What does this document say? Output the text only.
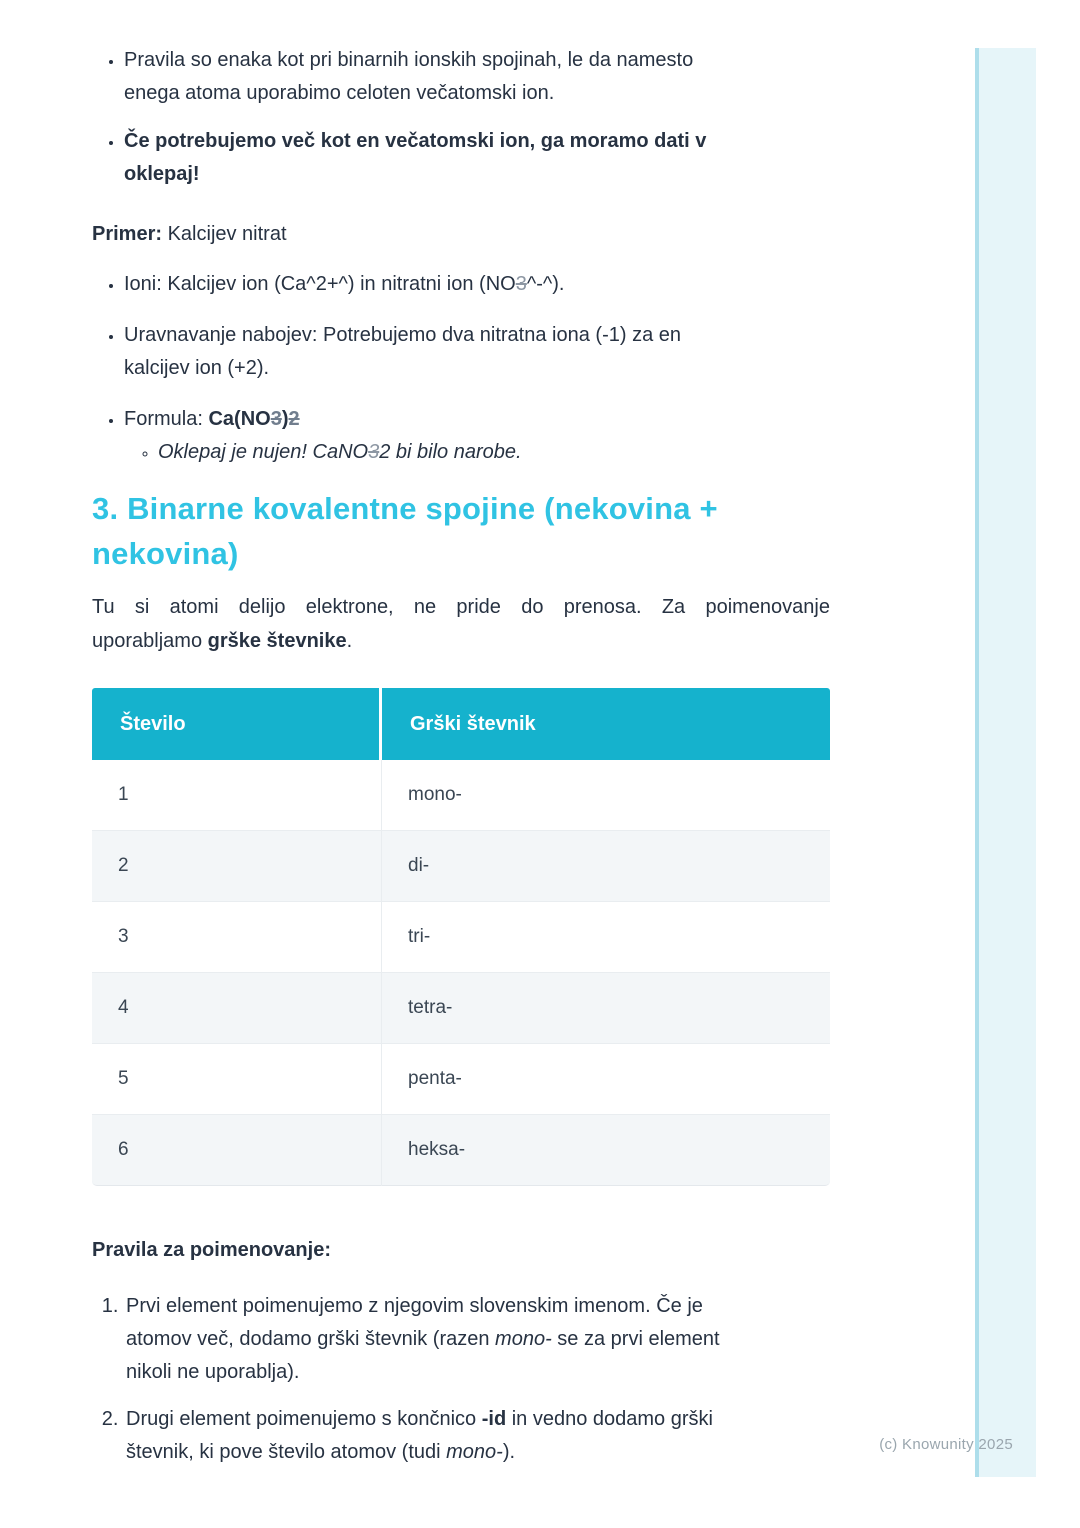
• Pravila so enaka kot pri binarnih ionskih spojinah, le da namesto
enega atoma uporabimo celoten večatomski ion.
• Če potrebujemo več kot en večatomski ion, ga moramo dati v
oklepaj!

Primer: Kalcijev nitrat

• Ioni: Kalcijev ion (Ca^2+^) in nitratni ion (NO3^-^).
• Uravnavanje nabojev: Potrebujemo dva nitratna iona (-1) za en
kalcijev ion (+2).
• Formula: Ca(NO3)2
◦ Oklepaj je nujen! CaNO32 bi bilo narobe.
3. Binarne kovalentne spojine (nekovina +
nekovina)

Tu si atomi delijo elektrone, ne pride do prenosa. Za poimenovanje
uporabljamo grške števnike.

Število	Grški števnik
1	mono-
2	di-
3	tri-
4	tetra-
5	penta-
6	heksa-

Pravila za poimenovanje:

1. Prvi element poimenujemo z njegovim slovenskim imenom. Če je
atomov več, dodamo grški števnik (razen mono- se za prvi element
nikoli ne uporablja).
2. Drugi element poimenujemo s končnico -id in vedno dodamo grški
števnik, ki pove število atomov (tudi mono-).	(c) Knowunity 2025
